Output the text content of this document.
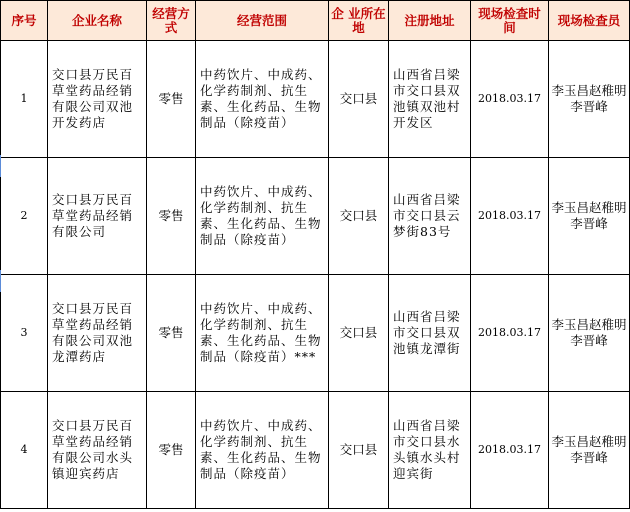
序号	企业名称	经营方式	经营范围	企 业所在地	注册地址	现场检查时 间	现场检查员
1	交口县万民百草堂药品经销有限公司双池开发药店	零售	中药饮片、中成药、化学药制剂、抗生素、生化药品、生物制品（除疫苗）	交口县	山西省吕梁市交口县双池镇双池村开发区	2018.03.17	李玉昌赵稚明李晋峰
2	交口县万民百草堂药品经销有限公司	零售	中药饮片、中成药、化学药制剂、抗生素、生化药品、生物制品（除疫苗）	交口县	山西省吕梁市交口县云梦街83号	2018.03.17	李玉昌赵稚明李晋峰
3	交口县万民百草堂药品经销有限公司双池龙潭药店	零售	中药饮片、中成药、化学药制剂、抗生素、生化药品、生物制品（除疫苗）***	交口县	山西省吕梁市交口县双池镇龙潭街	2018.03.17	李玉昌赵稚明李晋峰
4	交口县万民百草堂药品经销有限公司水头镇迎宾药店	零售	中药饮片、中成药、化学药制剂、抗生素、生化药品、生物制品（除疫苗）	交口县	山西省吕梁市交口县水头镇水头村迎宾街	2018.03.17	李玉昌赵稚明李晋峰
